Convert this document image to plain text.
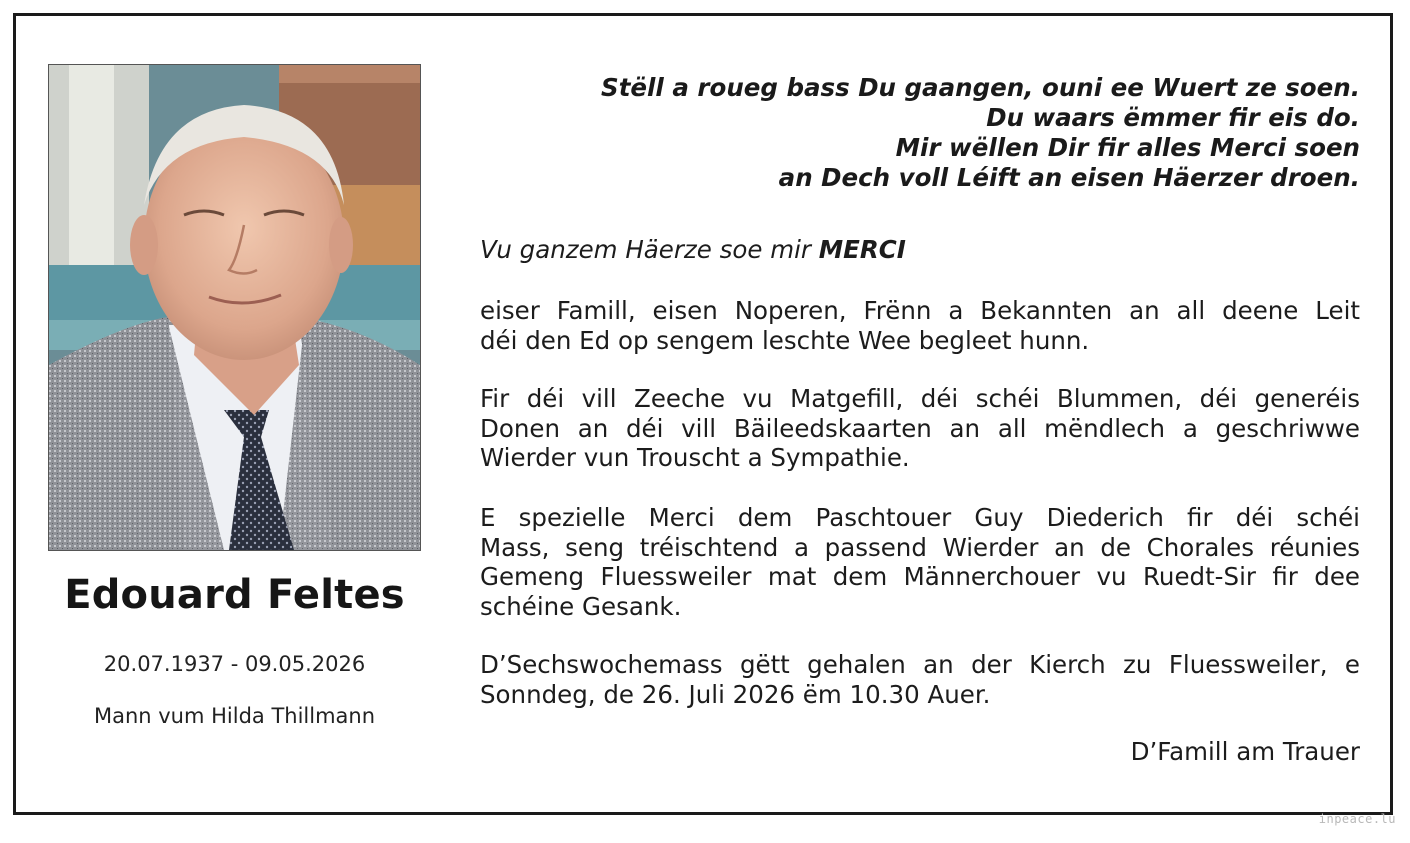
Edouard Feltes
20.07.1937 - 09.05.2026
Mann vum Hilda Thillmann
Stëll a roueg bass Du gaangen, ouni ee Wuert ze soen.
Du waars ëmmer fir eis do.
Mir wëllen Dir fir alles Merci soen
an Dech voll Léift an eisen Häerzer droen.
Vu ganzem Häerze soe mir MERCI
eiser Famill, eisen Noperen, Frënn a Bekannten an all deene Leit
déi den Ed op sengem leschte Wee begleet hunn.
Fir déi vill Zeeche vu Matgefill, déi schéi Blummen, déi generéis
Donen an déi vill Bäileedskaarten an all mëndlech a geschriwwe
Wierder vun Trouscht a Sympathie.
E spezielle Merci dem Paschtouer Guy Diederich fir déi schéi
Mass, seng tréischtend a passend Wierder an de Chorales réunies
Gemeng Fluessweiler mat dem Männerchouer vu Ruedt-Sir fir dee
schéine Gesank.
D’Sechswochemass gëtt gehalen an der Kierch zu Fluessweiler, e
Sonndeg, de 26. Juli 2026 ëm 10.30 Auer.
D’Famill am Trauer
inpeace.lu
